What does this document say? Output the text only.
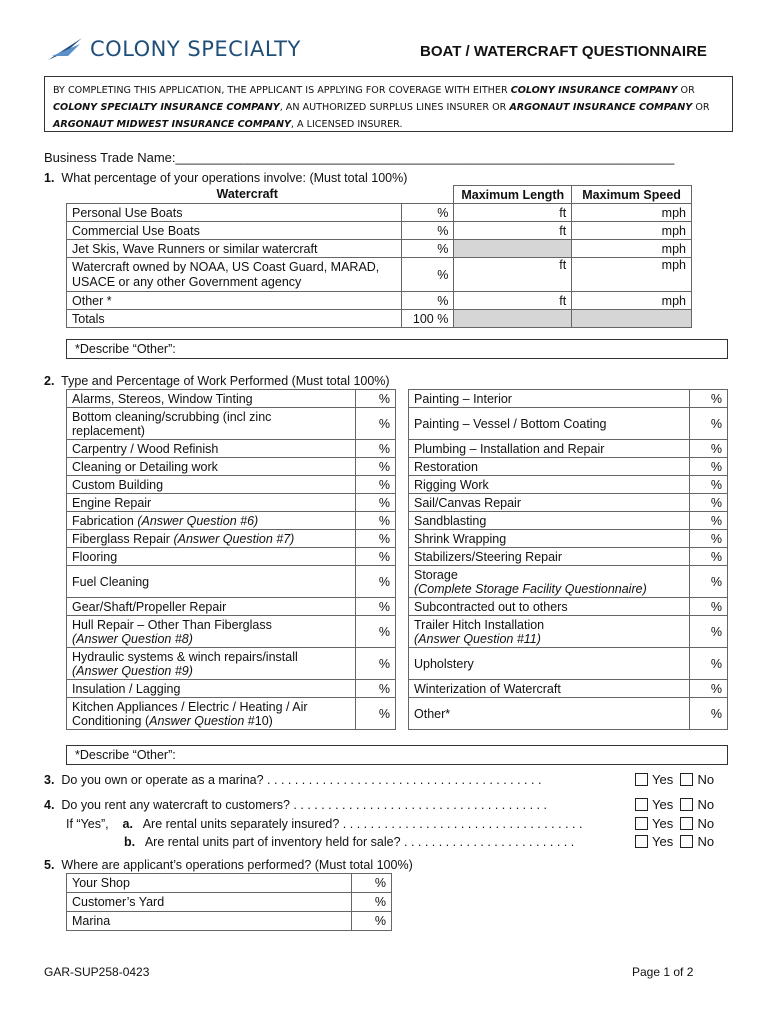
COLONY SPECIALTY	BOAT / WATERCRAFT QUESTIONNAIRE
BY COMPLETING THIS APPLICATION, THE APPLICANT IS APPLYING FOR COVERAGE WITH EITHER COLONY INSURANCE COMPANY OR COLONY SPECIALTY INSURANCE COMPANY, AN AUTHORIZED SURPLUS LINES INSURER OR ARGONAUT INSURANCE COMPANY OR ARGONAUT MIDWEST INSURANCE COMPANY, A LICENSED INSURER.
Business Trade Name:_____________________________________________________________________
1. What percentage of your operations involve: (Must total 100%)
Watercraft		Maximum Length	Maximum Speed
Personal Use Boats	%	ft	mph
Commercial Use Boats	%	ft	mph
Jet Skis, Wave Runners or similar watercraft	%		mph
Watercraft owned by NOAA, US Coast Guard, MARAD,
USACE or any other Government agency	%	ft	mph
Other *	%	ft	mph
Totals	100 %		
*Describe “Other”:
2. Type and Percentage of Work Performed (Must total 100%)
Alarms, Stereos, Window Tinting	%
Bottom cleaning/scrubbing (incl zinc
replacement)	%
Carpentry / Wood Refinish	%
Cleaning or Detailing work	%
Custom Building	%
Engine Repair	%
Fabrication (Answer Question #6)	%
Fiberglass Repair (Answer Question #7)	%
Flooring	%
Fuel Cleaning	%
Gear/Shaft/Propeller Repair	%
Hull Repair – Other Than Fiberglass
(Answer Question #8)	%
Hydraulic systems & winch repairs/install
(Answer Question #9)	%
Insulation / Lagging	%
Kitchen Appliances / Electric / Heating / Air
Conditioning (Answer Question #10)	%
Painting – Interior	%
Painting – Vessel / Bottom Coating	%
Plumbing – Installation and Repair	%
Restoration	%
Rigging Work	%
Sail/Canvas Repair	%
Sandblasting	%
Shrink Wrapping	%
Stabilizers/Steering Repair	%
Storage
(Complete Storage Facility Questionnaire)	%
Subcontracted out to others	%
Trailer Hitch Installation
(Answer Question #11)	%
Upholstery	%
Winterization of Watercraft	%
Other*	%
*Describe “Other”:
3. Do you own or operate as a marina? . . . . . . . . . . . . . . . . . . . . . . . . . . . . . . . . . . . . . . . .	Yes No
4. Do you rent any watercraft to customers? . . . . . . . . . . . . . . . . . . . . . . . . . . . . . . . . . . . . .	Yes No
If “Yes”, a. Are rental units separately insured? . . . . . . . . . . . . . . . . . . . . . . . . . . . . . . . . . . .	Yes No
b. Are rental units part of inventory held for sale? . . . . . . . . . . . . . . . . . . . . . . . . .	Yes No
5. Where are applicant’s operations performed? (Must total 100%)
Your Shop	%
Customer’s Yard	%
Marina	%
GAR-SUP258-0423	Page 1 of 2
